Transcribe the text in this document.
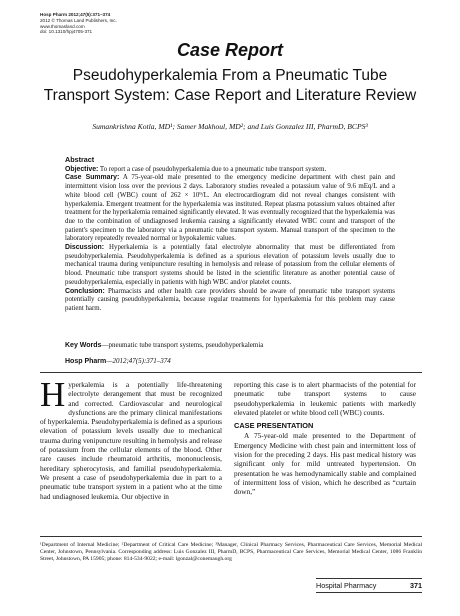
Hosp Pharm 2012;47(5):371–374
2012 © Thomas Land Publishers, Inc.
www.thomasland.com
doi: 10.1310/hpj4705-371
Case Report
Pseudohyperkalemia From a Pneumatic Tube Transport System: Case Report and Literature Review
Sumankrishna Kotla, MD¹; Samer Makhoul, MD²; and Luis Gonzalez III, PharmD, BCPS³
Abstract

Objective: To report a case of pseudohyperkalemia due to a pneumatic tube transport system.

Case Summary: A 75-year-old male presented to the emergency medicine department with chest pain and intermittent vision loss over the previous 2 days. Laboratory studies revealed a potassium value of 9.6 mEq/L and a white blood cell (WBC) count of 262 × 10⁹/L. An electrocardiogram did not reveal changes consistent with hyperkalemia. Emergent treatment for the hyperkalemia was instituted. Repeat plasma potassium values obtained after treatment for the hyperkalemia remained significantly elevated. It was eventually recognized that the hyperkalemia was due to the combination of undiagnosed leukemia causing a significantly elevated WBC count and transport of the patient's specimen to the laboratory via a pneumatic tube transport system. Manual transport of the specimen to the laboratory repeatedly revealed normal or hypokalemic values.

Discussion: Hyperkalemia is a potentially fatal electrolyte abnormality that must be differentiated from pseudohyperkalemia. Pseudohyperkalemia is defined as a spurious elevation of potassium levels usually due to mechanical trauma during venipuncture resulting in hemolysis and release of potassium from the cellular elements of blood. Pneumatic tube transport systems should be listed in the scientific literature as another potential cause of pseudohyperkalemia, especially in patients with high WBC and/or platelet counts.

Conclusion: Pharmacists and other health care providers should be aware of pneumatic tube transport systems potentially causing pseudohyperkalemia, because regular treatments for hyperkalemia for this problem may cause patient harm.

Key Words—pneumatic tube transport systems, pseudohyperkalemia
Hosp Pharm—2012;47(5):371–374

Hyperkalemia is a potentially life-threatening electrolyte derangement that must be recognized and corrected. Cardiovascular and neurological dysfunctions are the primary clinical manifestations of hyperkalemia. Pseudohyperkalemia is defined as a spurious elevation of potassium levels usually due to mechanical trauma during venipuncture resulting in hemolysis and release of potassium from the cellular elements of the blood. Other rare causes include rheumatoid arthritis, mononucleosis, hereditary spherocytosis, and familial pseudohyperkalemia. We present a case of pseudohyperkalemia due in part to a pneumatic tube transport system in a patient who at the time had undiagnosed leukemia. Our objective in

reporting this case is to alert pharmacists of the potential for pneumatic tube transport systems to cause pseudohyperkalemia in leukemic patients with markedly elevated platelet or white blood cell (WBC) counts.

CASE PRESENTATION

A 75-year-old male presented to the Department of Emergency Medicine with chest pain and intermittent loss of vision for the preceding 2 days. His past medical history was significant only for mild untreated hypertension. On presentation he was hemodynamically stable and complained of intermittent loss of vision, which he described as “curtain down,”

¹Department of Internal Medicine; ²Department of Critical Care Medicine; ³Manager, Clinical Pharmacy Services, Pharmaceutical Care Services, Memorial Medical Center, Johnstown, Pennsylvania. Corresponding address: Luis Gonzalez III, PharmD, BCPS, Pharmaceutical Care Services, Memorial Medical Center, 1086 Franklin Street, Johnstown, PA 15905; phone: 814-534-9022; e-mail: lgonzal@conemaugh.org
Hospital Pharmacy	371
